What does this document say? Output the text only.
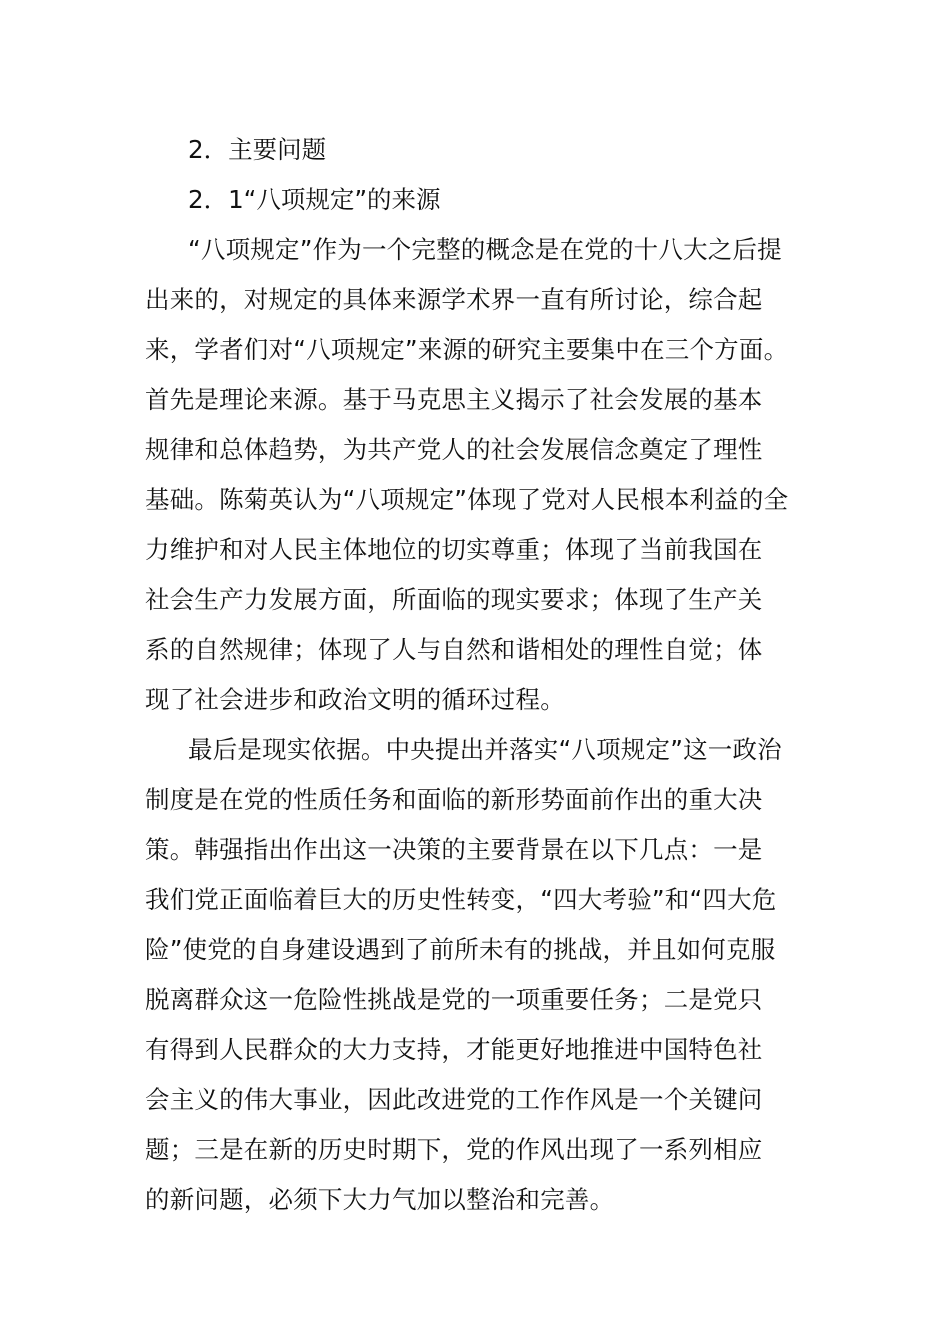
2．主要问题
2．1“八项规定”的来源
“八项规定”作为一个完整的概念是在党的十八大之后提
出来的，对规定的具体来源学术界一直有所讨论，综合起
来，学者们对“八项规定”来源的研究主要集中在三个方面。
首先是理论来源。基于马克思主义揭示了社会发展的基本
规律和总体趋势，为共产党人的社会发展信念奠定了理性
基础。陈菊英认为“八项规定”体现了党对人民根本利益的全
力维护和对人民主体地位的切实尊重；体现了当前我国在
社会生产力发展方面，所面临的现实要求；体现了生产关
系的自然规律；体现了人与自然和谐相处的理性自觉；体
现了社会进步和政治文明的循环过程。
最后是现实依据。中央提出并落实“八项规定”这一政治
制度是在党的性质任务和面临的新形势面前作出的重大决
策。韩强指出作出这一决策的主要背景在以下几点：一是
我们党正面临着巨大的历史性转变，“四大考验”和“四大危
险”使党的自身建设遇到了前所未有的挑战，并且如何克服
脱离群众这一危险性挑战是党的一项重要任务；二是党只
有得到人民群众的大力支持，才能更好地推进中国特色社
会主义的伟大事业，因此改进党的工作作风是一个关键问
题；三是在新的历史时期下，党的作风出现了一系列相应
的新问题，必须下大力气加以整治和完善。
